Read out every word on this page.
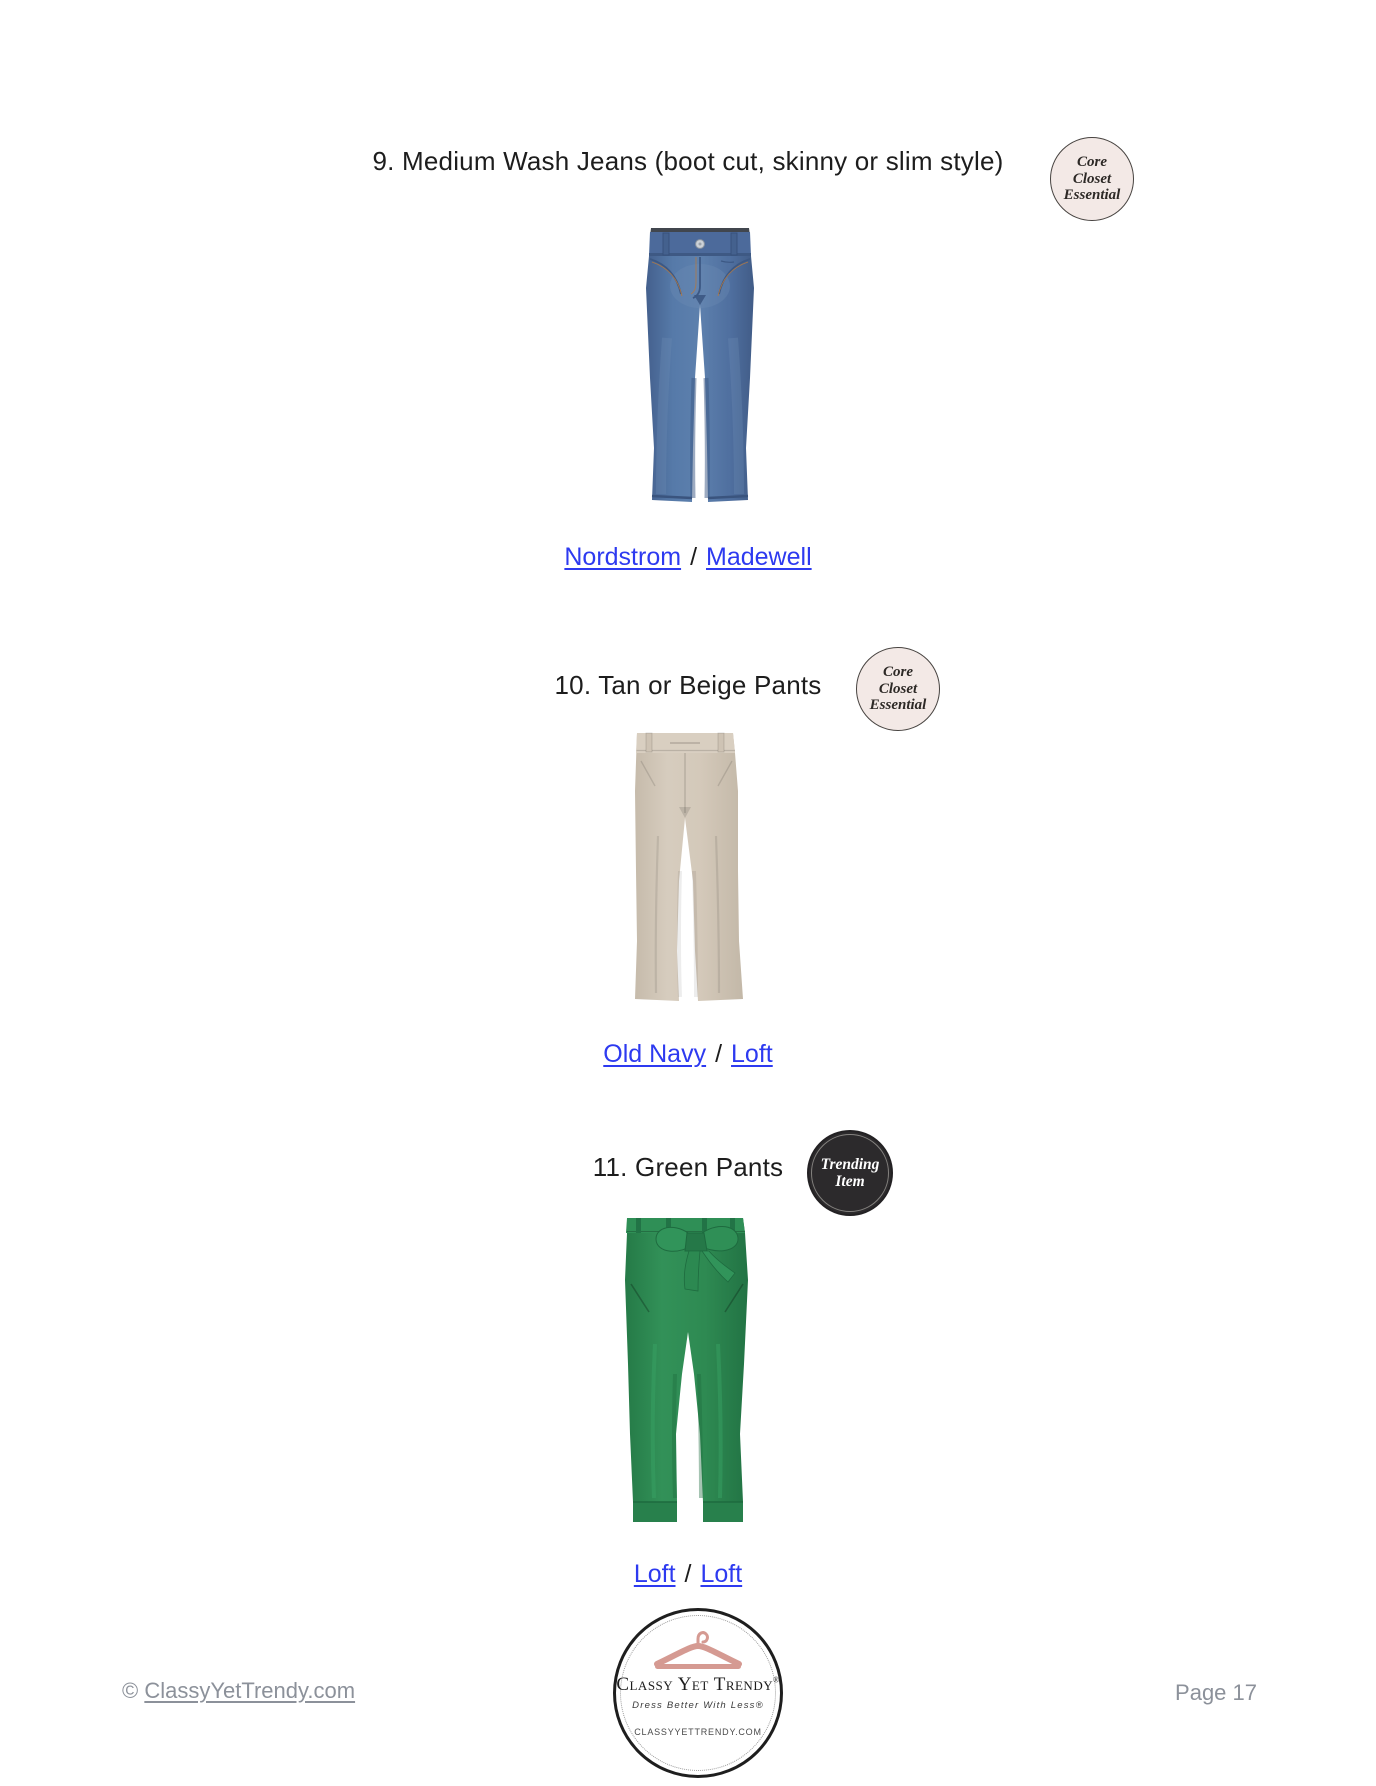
9. Medium Wash Jeans (boot cut, skinny or slim style)	Core
Closet
Essential
Nordstrom / Madewell
10. Tan or Beige Pants	Core
Closet
Essential
Old Navy / Loft
11. Green Pants	Trending
Item
Loft / Loft
© ClassyYetTrendy.com	Classy Yet Trendy®
Dress Better With Less®
CLASSYYETTRENDY.COM
Page 17
